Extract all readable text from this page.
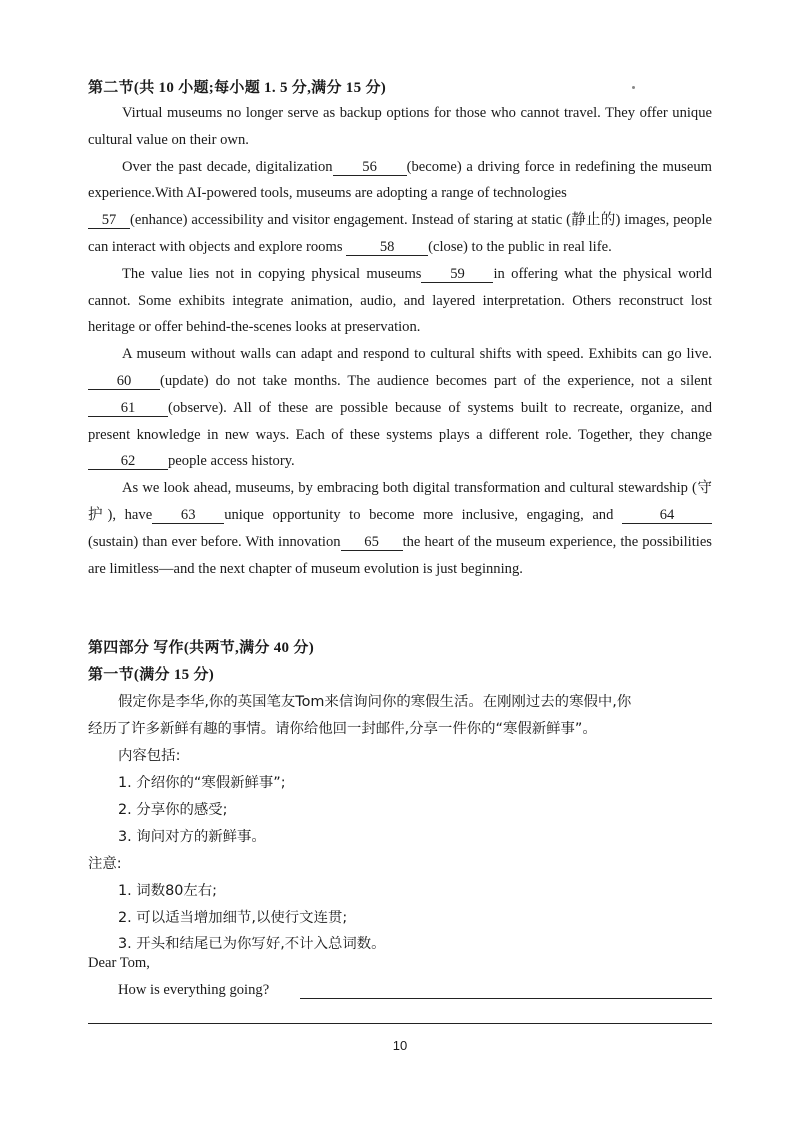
第二节(共 10 小题;每小题 1. 5 分,满分 15 分)

Virtual museums no longer serve as backup options for those who cannot travel. They offer unique cultural value on their own.

Over the past decade, digitalization 56 (become) a driving force in redefining the museum experience.With AI-powered tools, museums are adopting a range of technologies
57 (enhance) accessibility and visitor engagement. Instead of staring at static (静止的) images, people can interact with objects and explore rooms	58 (close) to the public in real life.

The value lies not in copying physical museums 59 in offering what the physical world cannot. Some exhibits integrate animation, audio, and layered interpretation. Others reconstruct lost heritage or offer behind-the-scenes looks at preservation.

A museum without walls can adapt and respond to cultural shifts with speed. Exhibits can go live. 60 (update) do not take months. The audience becomes part of the experience, not a silent61 (observe). All of these are possible because of systems built to recreate, organize, and present knowledge in new ways. Each of these systems plays a different role. Together, they change62 people access history.

As we look ahead, museums, by embracing both digital transformation and cultural stewardship (守护), have 63 unique opportunity to become more inclusive, engaging, and	64(sustain) than ever before. With innovation 65 the heart of the museum experience, the possibilities are limitless—and the next chapter of museum evolution is just beginning.

第四部分 写作(共两节,满分 40 分)
第一节(满分 15 分)
假定你是李华,你的英国笔友Tom来信询问你的寒假生活。在刚刚过去的寒假中,你
经历了许多新鲜有趣的事情。请你给他回一封邮件,分享一件你的“寒假新鲜事”。
内容包括:
1. 介绍你的“寒假新鲜事”;
2. 分享你的感受;
3. 询问对方的新鲜事。
注意:
1. 词数80左右;
2. 可以适当增加细节,以使行文连贯;
3. 开头和结尾已为你写好,不计入总词数。
Dear Tom,
How is everything going?
10
